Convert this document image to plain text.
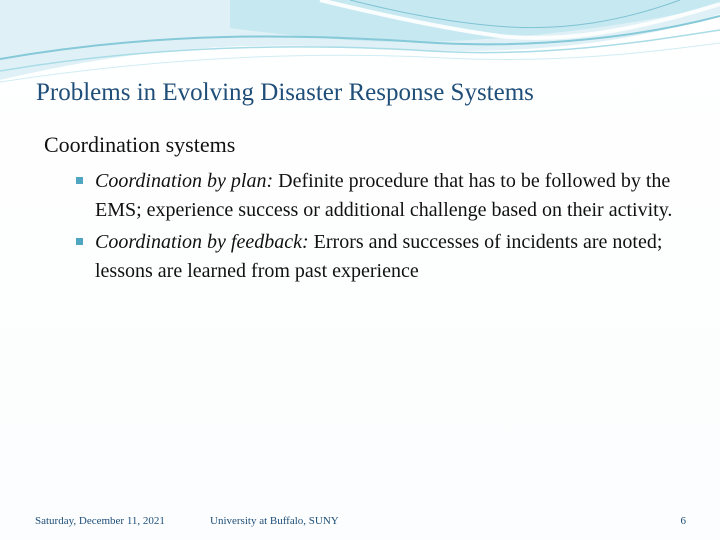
Problems in Evolving Disaster Response Systems
Coordination systems
Coordination by plan: Definite procedure that has to be followed by the EMS; experience success or additional challenge based on their activity.
Coordination by feedback: Errors and successes of incidents are noted; lessons are learned from past experience
Saturday, December 11, 2021	University at Buffalo, SUNY	6
